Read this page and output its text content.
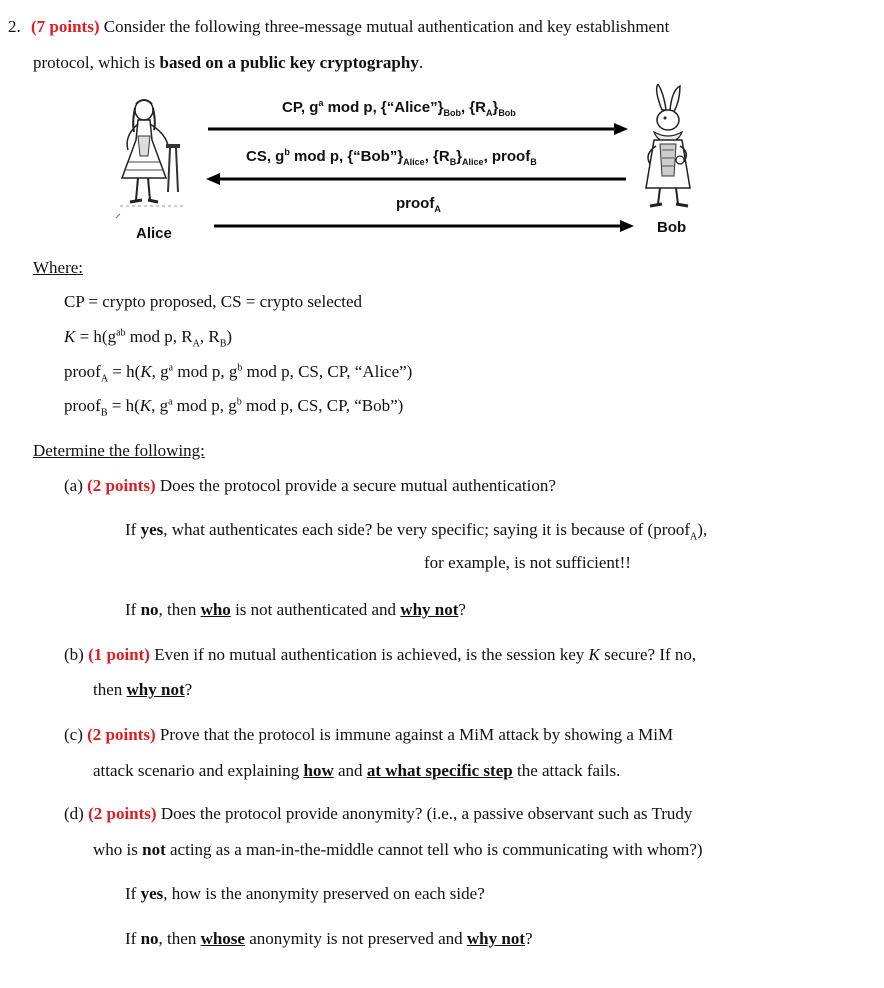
2. (7 points) Consider the following three-message mutual authentication and key establishment
protocol, which is based on a public key cryptography.
Alice	Bob
CP, $g^a$ mod p, $\{“Alice”\}_{Bob}$, $\{R_A\}_{Bob}$
CS, $g^b$ mod p, $\{“Bob”\}_{Alice}$, $\{R_B\}_{Alice}$, proof$_B$
proof$_A$
Where:
CP = crypto proposed, CS = crypto selected
$K = h(g^{ab}$ mod p, $R_A$, $R_B$)
proof$_A$ = h(K, $g^a$ mod p, $g^b$ mod p, CS, CP, “Alice”)
proof$_B$ = h(K, $g^a$ mod p, $g^b$ mod p, CS, CP, “Bob”)
Determine the following:
(a) (2 points) Does the protocol provide a secure mutual authentication?
If yes, what authenticates each side? be very specific; saying it is because of (proof$_A$),
for example, is not sufficient!!
If no, then who is not authenticated and why not?
(b) (1 point) Even if no mutual authentication is achieved, is the session key K secure? If no,
then why not?
(c) (2 points) Prove that the protocol is immune against a MiM attack by showing a MiM
attack scenario and explaining how and at what specific step the attack fails.
(d) (2 points) Does the protocol provide anonymity? (i.e., a passive observant such as Trudy
who is not acting as a man-in-the-middle cannot tell who is communicating with whom?)
If yes, how is the anonymity preserved on each side?
If no, then whose anonymity is not preserved and why not?
